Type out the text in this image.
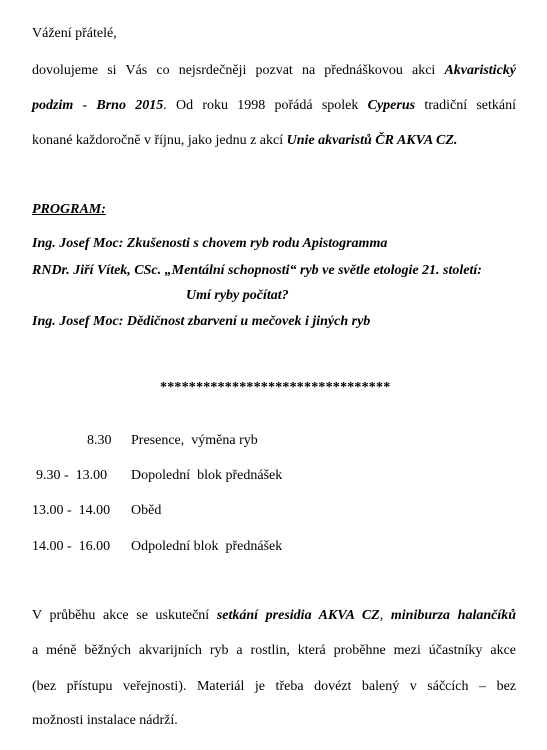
Vážení přátelé,
dovolujeme si Vás co nejsrdečněji pozvat na přednáškovou akci Akvaristický
podzim - Brno 2015. Od roku 1998 pořádá spolek Cyperus tradiční setkání
konané každoročně v říjnu, jako jednu z akcí Unie akvaristů ČR AKVA CZ.
PROGRAM:
Ing. Josef Moc: Zkušenosti s chovem ryb rodu Apistogramma
RNDr. Jiří Vítek, CSc. „Mentální schopnosti“ ryb ve světle etologie 21. století:
Umí ryby počítat?
Ing. Josef Moc: Dědičnost zbarvení u mečovek i jiných ryb
********************************
8.30 Presence,  výměna ryb
9.30 -  13.00 Dopolední  blok přednášek
13.00 -  14.00 Oběd
14.00 -  16.00 Odpolední blok  přednášek
V průběhu akce se uskuteční setkání presidia AKVA CZ, miniburza halančíků
a méně běžných akvarijních ryb a rostlin, která proběhne mezi účastníky akce
(bez přístupu veřejnosti). Materiál je třeba dovézt balený v sáčcích – bez
možnosti instalace nádrží.
